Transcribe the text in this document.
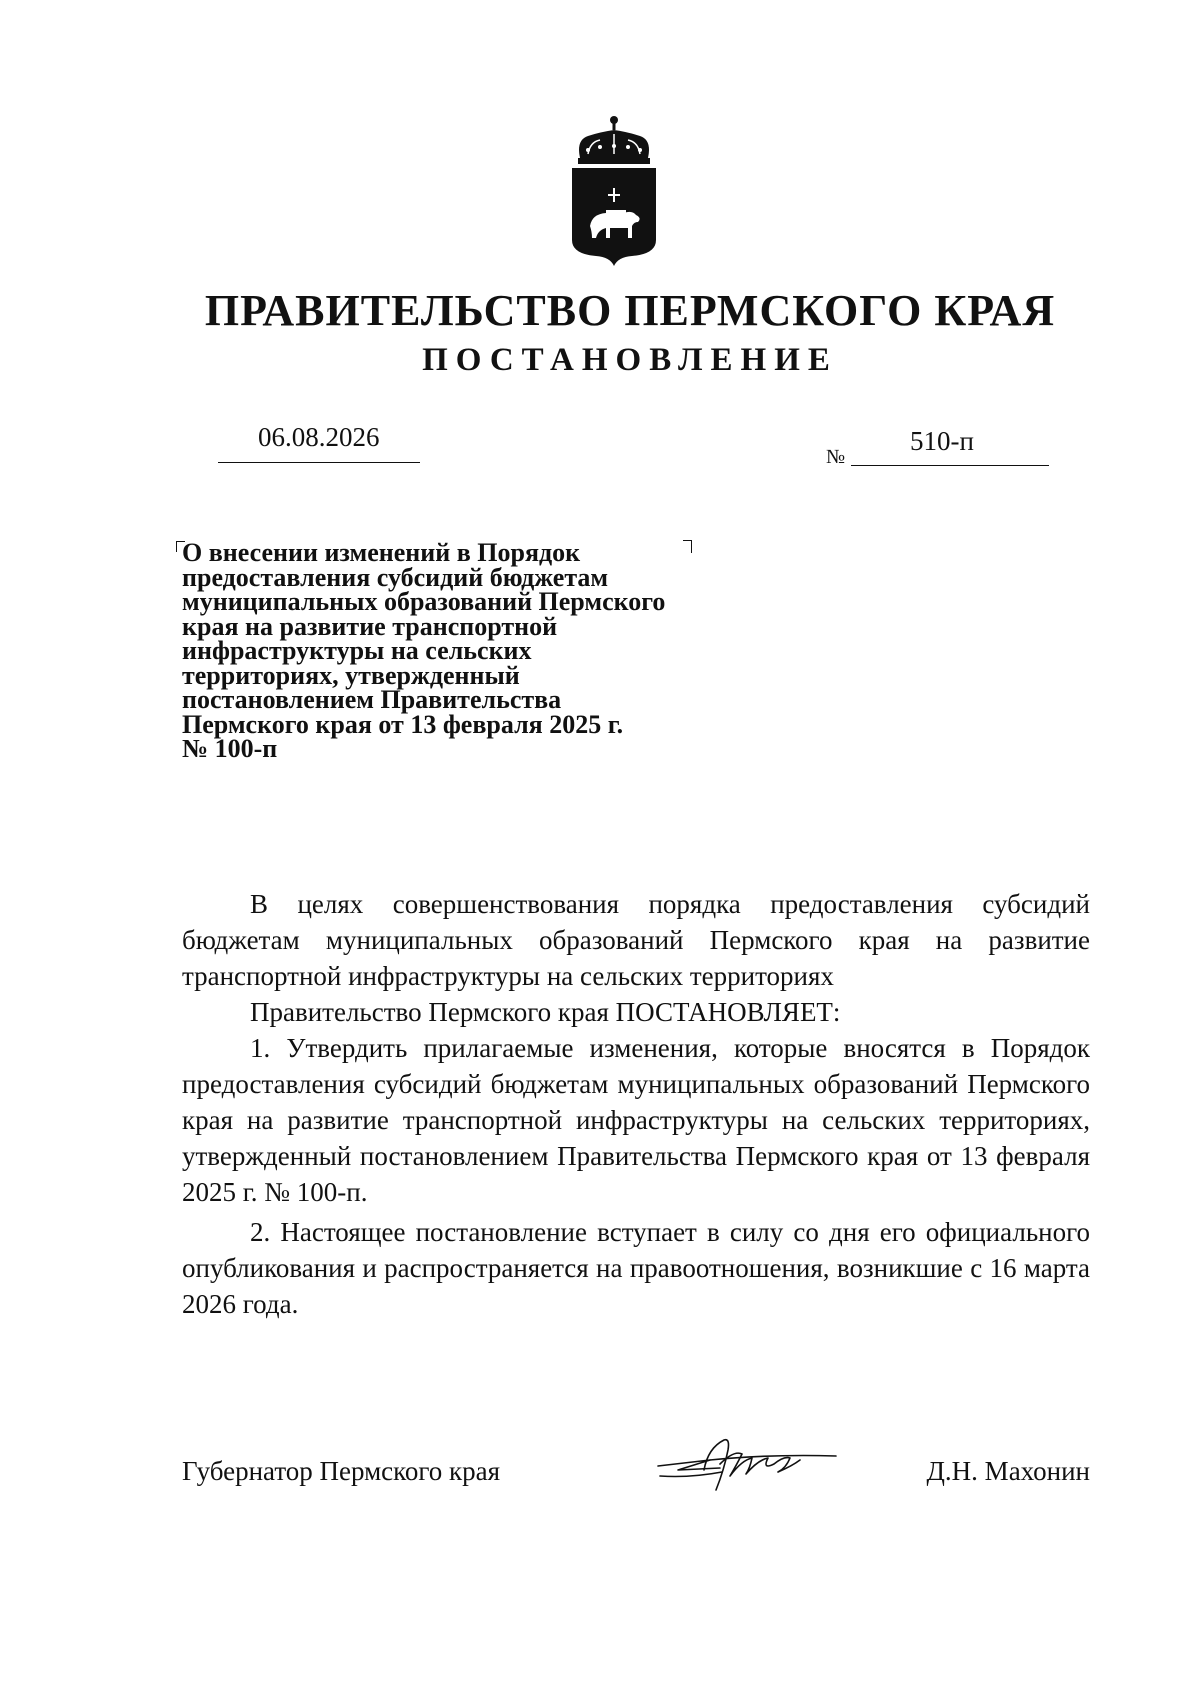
ПРАВИТЕЛЬСТВО ПЕРМСКОГО КРАЯ
ПОСТАНОВЛЕНИЕ
06.08.2026
№
510-п
О внесении изменений в Порядок
предоставления субсидий бюджетам
муниципальных образований Пермского
края на развитие транспортной
инфраструктуры на сельских
территориях, утвержденный
постановлением Правительства
Пермского края от 13 февраля 2025 г.
№ 100-п

В целях совершенствования порядка предоставления субсидий бюджетам муниципальных образований Пермского края на развитие транспортной инфраструктуры на сельских территориях

Правительство Пермского края ПОСТАНОВЛЯЕТ:

1. Утвердить прилагаемые изменения, которые вносятся в Порядок предоставления субсидий бюджетам муниципальных образований Пермского края на развитие транспортной инфраструктуры на сельских территориях, утвержденный постановлением Правительства Пермского края от 13 февраля 2025 г. № 100-п.

2. Настоящее постановление вступает в силу со дня его официального опубликования и распространяется на правоотношения, возникшие с 16 марта 2026 года.

Губернатор Пермского края	Д.Н. Махонин
